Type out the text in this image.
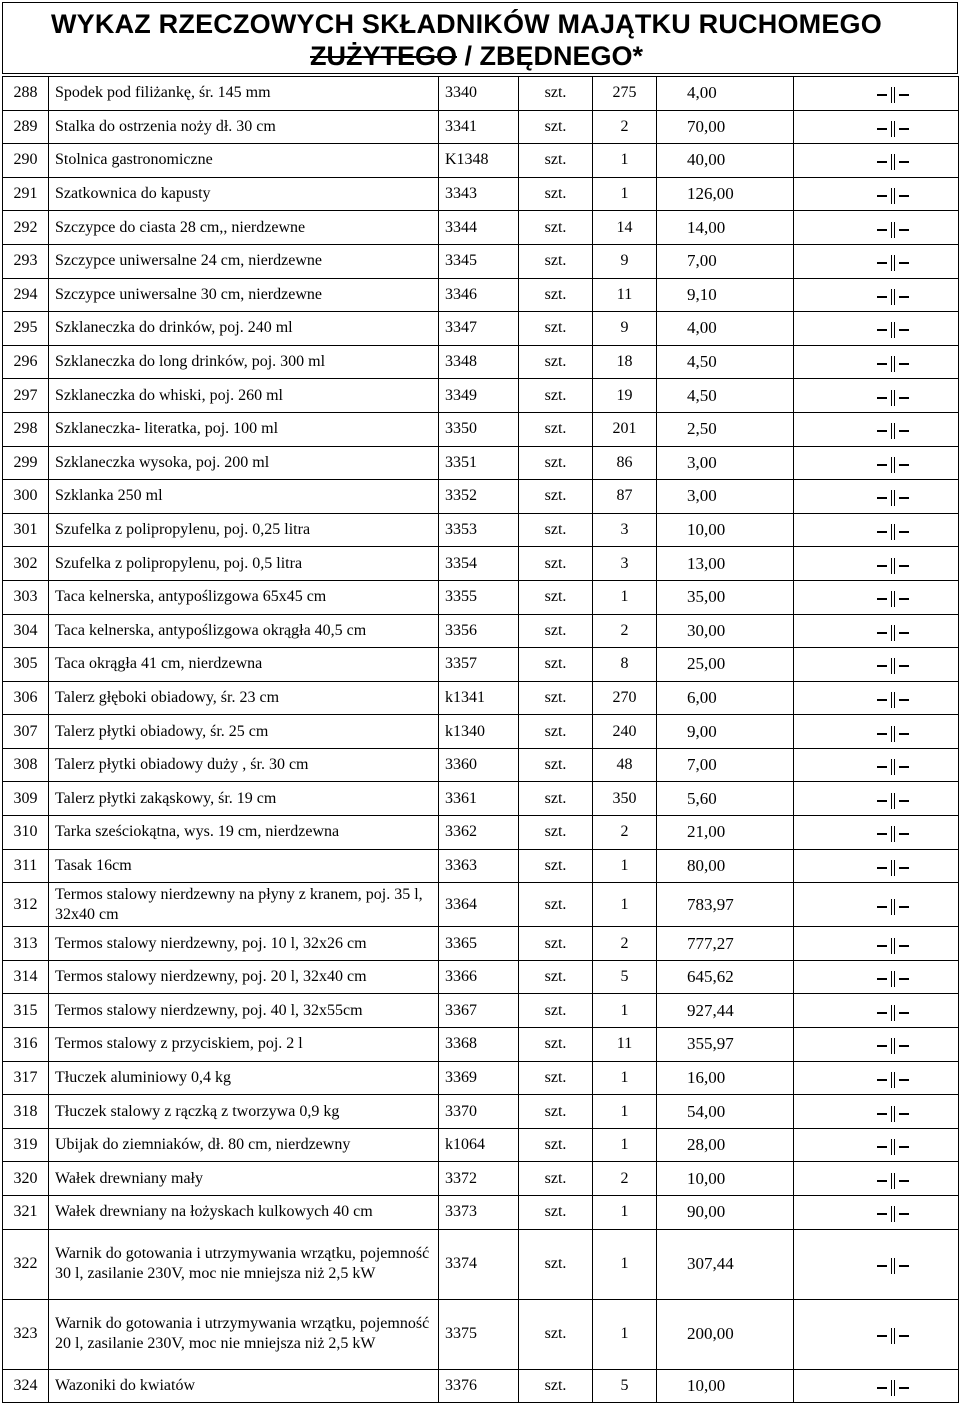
WYKAZ RZECZOWYCH SKŁADNIKÓW MAJĄTKU RUCHOMEGO
ZUŻYTEGO / ZBĘDNEGO*
288	Spodek pod filiżankę, śr. 145 mm	3340	szt.	275	4,00	

289	Stalka do ostrzenia noży dł. 30 cm	3341	szt.	2	70,00	

290	Stolnica gastronomiczne	K1348	szt.	1	40,00	

291	Szatkownica do kapusty	3343	szt.	1	126,00	

292	Szczypce do ciasta 28 cm,, nierdzewne	3344	szt.	14	14,00	

293	Szczypce uniwersalne 24 cm, nierdzewne	3345	szt.	9	7,00	

294	Szczypce uniwersalne 30 cm, nierdzewne	3346	szt.	11	9,10	

295	Szklaneczka do drinków, poj. 240 ml	3347	szt.	9	4,00	

296	Szklaneczka do long drinków, poj. 300 ml	3348	szt.	18	4,50	

297	Szklaneczka do whiski, poj. 260 ml	3349	szt.	19	4,50	

298	Szklaneczka- literatka, poj. 100 ml	3350	szt.	201	2,50	

299	Szklaneczka wysoka, poj. 200 ml	3351	szt.	86	3,00	

300	Szklanka 250 ml	3352	szt.	87	3,00	

301	Szufelka z polipropylenu, poj. 0,25 litra	3353	szt.	3	10,00	

302	Szufelka z polipropylenu, poj. 0,5 litra	3354	szt.	3	13,00	

303	Taca kelnerska, antypoślizgowa 65x45 cm	3355	szt.	1	35,00	

304	Taca kelnerska, antypoślizgowa okrągła 40,5 cm	3356	szt.	2	30,00	

305	Taca okrągła 41 cm, nierdzewna	3357	szt.	8	25,00	

306	Talerz głęboki obiadowy, śr. 23 cm	k1341	szt.	270	6,00	

307	Talerz płytki obiadowy, śr. 25 cm	k1340	szt.	240	9,00	

308	Talerz płytki obiadowy duży , śr. 30 cm	3360	szt.	48	7,00	

309	Talerz płytki zakąskowy, śr. 19 cm	3361	szt.	350	5,60	

310	Tarka sześciokątna, wys. 19 cm, nierdzewna	3362	szt.	2	21,00	

311	Tasak 16cm	3363	szt.	1	80,00	

312	Termos stalowy nierdzewny na płyny z kranem, poj. 35 l, 32x40 cm	3364	szt.	1	783,97	

313	Termos stalowy nierdzewny, poj. 10 l, 32x26 cm	3365	szt.	2	777,27	

314	Termos stalowy nierdzewny, poj. 20 l, 32x40 cm	3366	szt.	5	645,62	

315	Termos stalowy nierdzewny, poj. 40 l, 32x55cm	3367	szt.	1	927,44	

316	Termos stalowy z przyciskiem, poj. 2 l	3368	szt.	11	355,97	

317	Tłuczek aluminiowy 0,4 kg	3369	szt.	1	16,00	

318	Tłuczek stalowy z rączką z tworzywa 0,9 kg	3370	szt.	1	54,00	

319	Ubijak do ziemniaków, dł. 80 cm, nierdzewny	k1064	szt.	1	28,00	

320	Wałek drewniany mały	3372	szt.	2	10,00	

321	Wałek drewniany na łożyskach kulkowych 40 cm	3373	szt.	1	90,00	

322	Warnik do gotowania i utrzymywania wrzątku, pojemność 30 l, zasilanie 230V, moc nie mniejsza niż 2,5 kW	3374	szt.	1	307,44	

323	Warnik do gotowania i utrzymywania wrzątku, pojemność 20 l, zasilanie 230V, moc nie mniejsza niż 2,5 kW	3375	szt.	1	200,00	

324	Wazoniki do kwiatów	3376	szt.	5	10,00	
